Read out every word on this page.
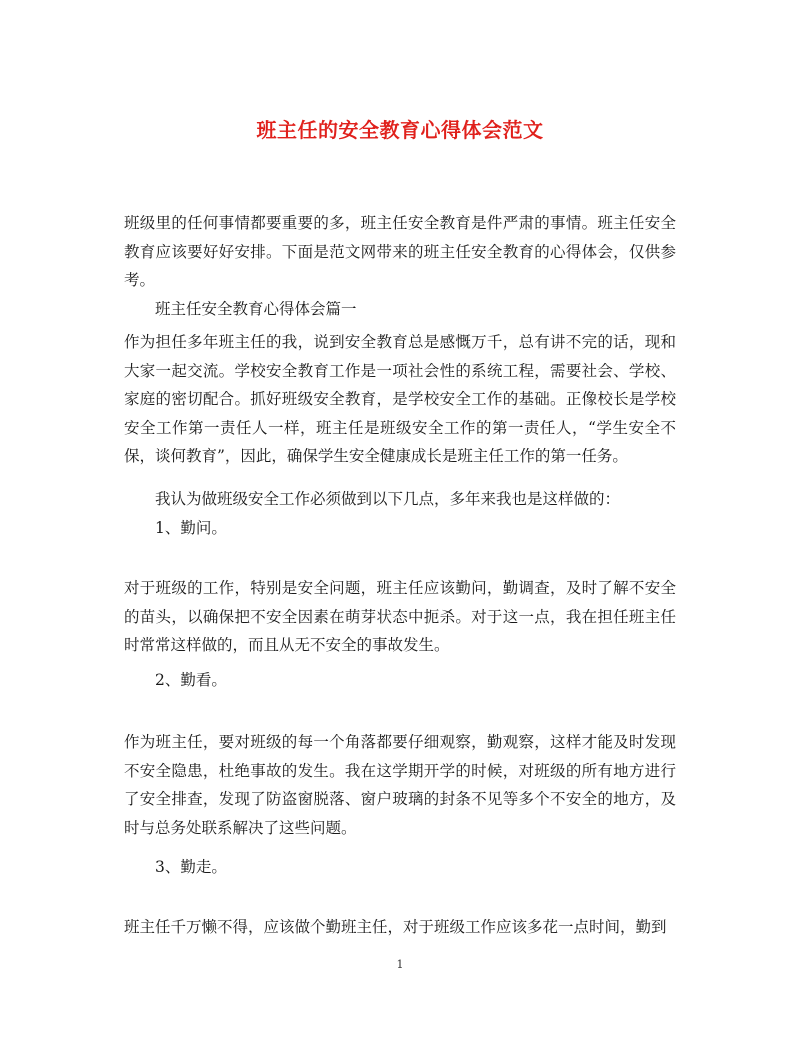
班主任的安全教育心得体会范文

班级里的任何事情都要重要的多，班主任安全教育是件严肃的事情。班主任安全教育应该要好好安排。下面是范文网带来的班主任安全教育的心得体会，仅供参考。

班主任安全教育心得体会篇一

作为担任多年班主任的我，说到安全教育总是感慨万千，总有讲不完的话，现和大家一起交流。学校安全教育工作是一项社会性的系统工程，需要社会、学校、家庭的密切配合。抓好班级安全教育，是学校安全工作的基础。正像校长是学校安全工作第一责任人一样，班主任是班级安全工作的第一责任人，“学生安全不保，谈何教育”，因此，确保学生安全健康成长是班主任工作的第一任务。

我认为做班级安全工作必须做到以下几点，多年来我也是这样做的：

1、勤问。

对于班级的工作，特别是安全问题，班主任应该勤问，勤调查，及时了解不安全的苗头，以确保把不安全因素在萌芽状态中扼杀。对于这一点，我在担任班主任时常常这样做的，而且从无不安全的事故发生。

2、勤看。

作为班主任，要对班级的每一个角落都要仔细观察，勤观察，这样才能及时发现不安全隐患，杜绝事故的发生。我在这学期开学的时候，对班级的所有地方进行了安全排查，发现了防盗窗脱落、窗户玻璃的封条不见等多个不安全的地方，及时与总务处联系解决了这些问题。

3、勤走。

班主任千万懒不得，应该做个勤班主任，对于班级工作应该多花一点时间，勤到

1
